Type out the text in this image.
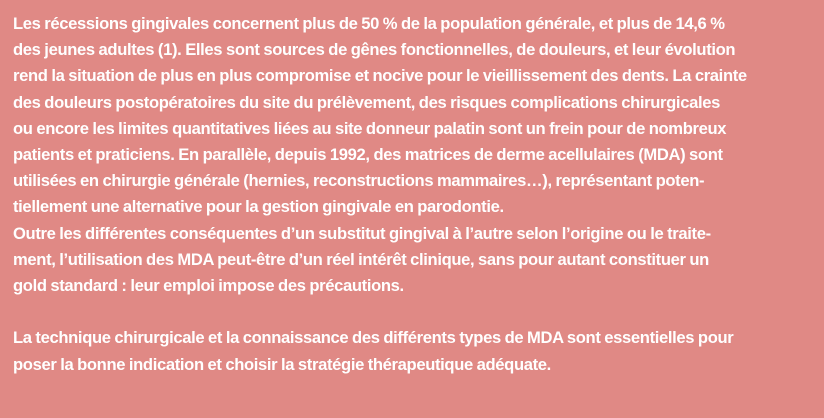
Les récessions gingivales concernent plus de 50 % de la population générale, et plus de 14,6 %
des jeunes adultes (1). Elles sont sources de gênes fonctionnelles, de douleurs, et leur évolution
rend la situation de plus en plus compromise et nocive pour le vieillissement des dents. La crainte
des douleurs postopératoires du site du prélèvement, des risques complications chirurgicales
ou encore les limites quantitatives liées au site donneur palatin sont un frein pour de nombreux
patients et praticiens. En parallèle, depuis 1992, des matrices de derme acellulaires (MDA) sont
utilisées en chirurgie générale (hernies, reconstructions mammaires…), représentant poten-
tiellement une alternative pour la gestion gingivale en parodontie.

Outre les différentes conséquentes d’un substitut gingival à l’autre selon l’origine ou le traite-
ment, l’utilisation des MDA peut-être d’un réel intérêt clinique, sans pour autant constituer un
gold standard : leur emploi impose des précautions.

La technique chirurgicale et la connaissance des différents types de MDA sont essentielles pour
poser la bonne indication et choisir la stratégie thérapeutique adéquate.
